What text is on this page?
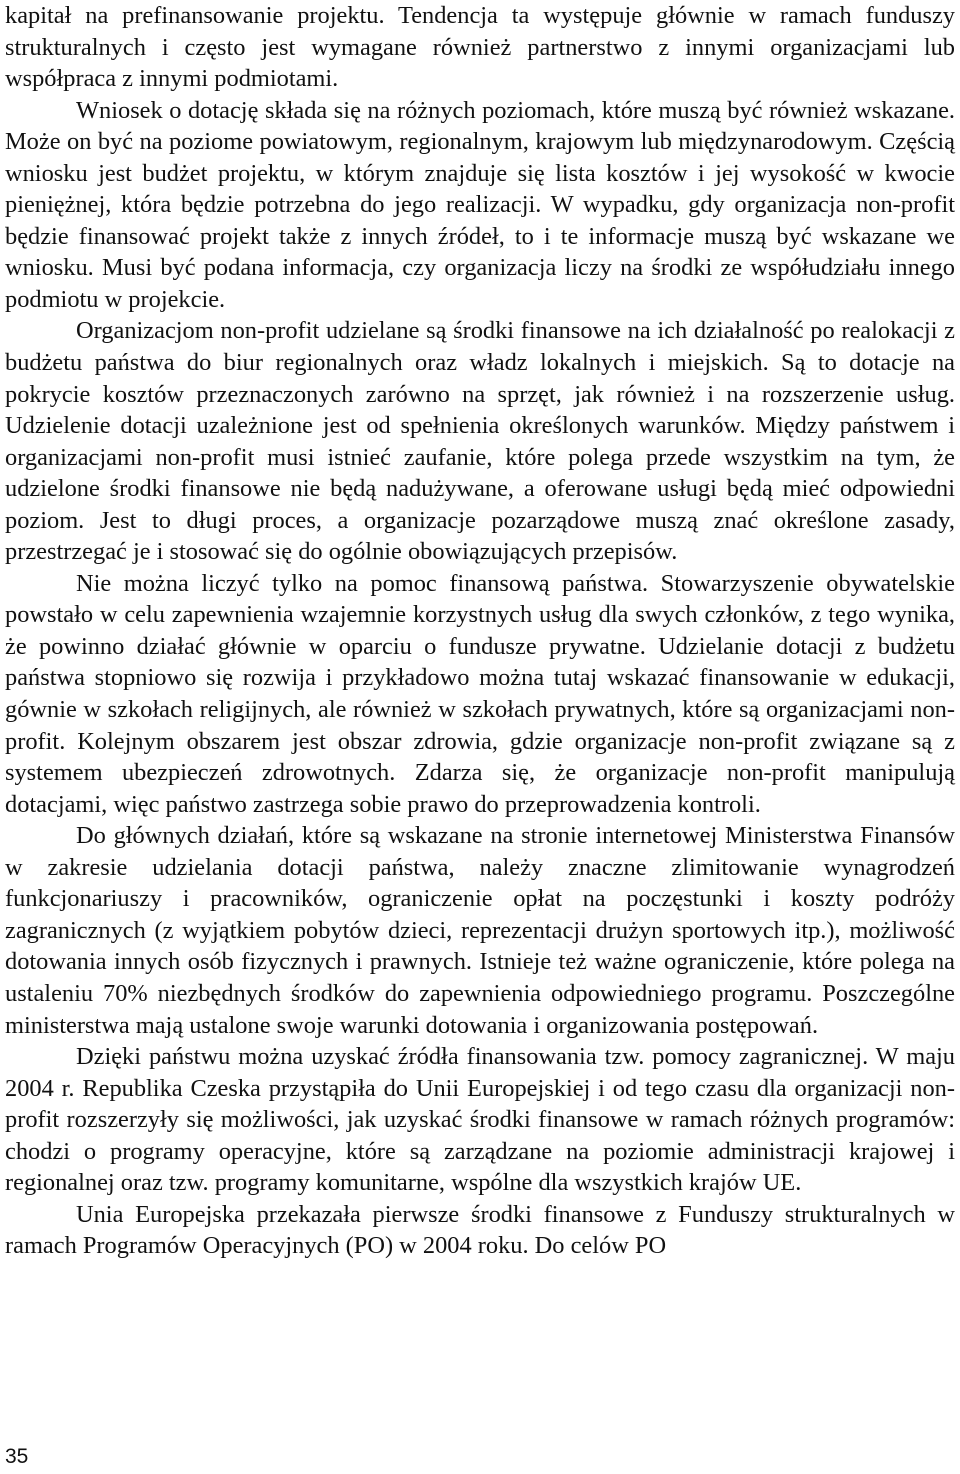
kapitał na prefinansowanie projektu. Tendencja ta występuje głównie w ramach funduszy strukturalnych i często jest wymagane również partnerstwo z innymi organizacjami lub współpraca z innymi podmiotami.

Wniosek o dotację składa się na różnych poziomach, które muszą być również wskazane. Może on być na poziome powiatowym, regionalnym, krajowym lub międzynarodowym. Częścią wniosku jest budżet projektu, w którym znajduje się lista kosztów i jej wysokość w kwocie pieniężnej, która będzie potrzebna do jego realizacji. W wypadku, gdy organizacja non-profit będzie finansować projekt także z innych źródeł, to i te informacje muszą być wskazane we wniosku. Musi być podana informacja, czy organizacja liczy na środki ze współudziału innego podmiotu w projekcie.

Organizacjom non-profit udzielane są środki finansowe na ich działalność po realokacji z budżetu państwa do biur regionalnych oraz władz lokalnych i miejskich. Są to dotacje na pokrycie kosztów przeznaczonych zarówno na sprzęt, jak również i na rozszerzenie usług. Udzielenie dotacji uzależnione jest od spełnienia określonych warunków. Między państwem i organizacjami non-profit musi istnieć zaufanie, które polega przede wszystkim na tym, że udzielone środki finansowe nie będą nadużywane, a oferowane usługi będą mieć odpowiedni poziom. Jest to długi proces, a organizacje pozarządowe muszą znać określone zasady, przestrzegać je i stosować się do ogólnie obowiązujących przepisów.

Nie można liczyć tylko na pomoc finansową państwa. Stowarzyszenie obywatelskie powstało w celu zapewnienia wzajemnie korzystnych usług dla swych członków, z tego wynika, że powinno działać głównie w oparciu o fundusze prywatne. Udzielanie dotacji z budżetu państwa stopniowo się rozwija i przykładowo można tutaj wskazać finansowanie w edukacji, gównie w szkołach religijnych, ale również w szkołach prywatnych, które są organizacjami non-profit. Kolejnym obszarem jest obszar zdrowia, gdzie organizacje non-profit związane są z systemem ubezpieczeń zdrowotnych. Zdarza się, że organizacje non-profit manipulują dotacjami, więc państwo zastrzega sobie prawo do przeprowadzenia kontroli.

Do głównych działań, które są wskazane na stronie internetowej Ministerstwa Finansów w zakresie udzielania dotacji państwa, należy znaczne zlimitowanie wynagrodzeń funkcjonariuszy i pracowników, ograniczenie opłat na poczęstunki i koszty podróży zagranicznych (z wyjątkiem pobytów dzieci, reprezentacji drużyn sportowych itp.), możliwość dotowania innych osób fizycznych i prawnych. Istnieje też ważne ograniczenie, które polega na ustaleniu 70% niezbędnych środków do zapewnienia odpowiedniego programu. Poszczególne ministerstwa mają ustalone swoje warunki dotowania i organizowania postępowań.

Dzięki państwu można uzyskać źródła finansowania tzw. pomocy zagranicznej. W maju 2004 r. Republika Czeska przystąpiła do Unii Europejskiej i od tego czasu dla organizacji non-profit rozszerzyły się możliwości, jak uzyskać środki finansowe w ramach różnych programów: chodzi o programy operacyjne, które są zarządzane na poziomie administracji krajowej i regionalnej oraz tzw. programy komunitarne, wspólne dla wszystkich krajów UE.

Unia Europejska przekazała pierwsze środki finansowe z Funduszy strukturalnych w ramach Programów Operacyjnych (PO) w 2004 roku. Do celów PO

35
